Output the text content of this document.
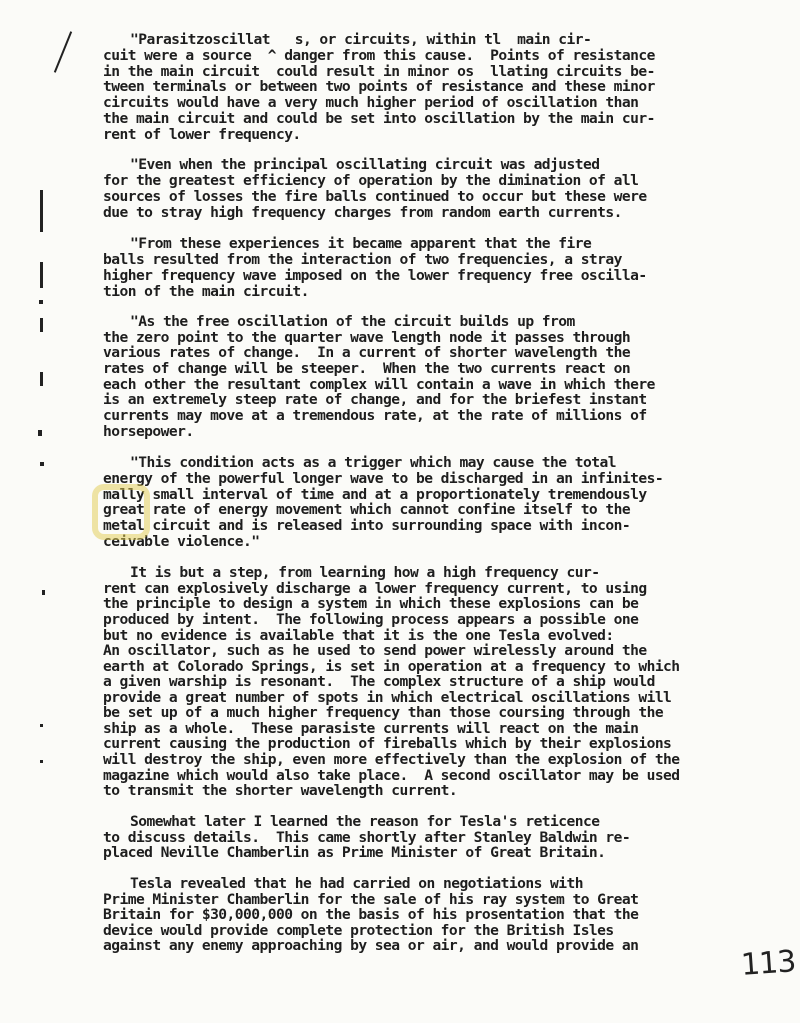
"Parasitzoscillat   s, or circuits, within tl  main cir-
cuit were a source  ^ danger from this cause.  Points of resistance
in the main circuit  could result in minor os  llating circuits be-
tween terminals or between two points of resistance and these minor
circuits would have a very much higher period of oscillation than
the main circuit and could be set into oscillation by the main cur-
rent of lower frequency.
"Even when the principal oscillating circuit was adjusted
for the greatest efficiency of operation by the dimination of all
sources of losses the fire balls continued to occur but these were
due to stray high frequency charges from random earth currents.
"From these experiences it became apparent that the fire
balls resulted from the interaction of two frequencies, a stray
higher frequency wave imposed on the lower frequency free oscilla-
tion of the main circuit.
"As the free oscillation of the circuit builds up from
the zero point to the quarter wave length node it passes through
various rates of change.  In a current of shorter wavelength the
rates of change will be steeper.  When the two currents react on
each other the resultant complex will contain a wave in which there
is an extremely steep rate of change, and for the briefest instant
currents may move at a tremendous rate, at the rate of millions of
horsepower.
"This condition acts as a trigger which may cause the total
energy of the powerful longer wave to be discharged in an infinites-
mally small interval of time and at a proportionately tremendously
great rate of energy movement which cannot confine itself to the
metal circuit and is released into surrounding space with incon-
ceivable violence."
It is but a step, from learning how a high frequency cur-
rent can explosively discharge a lower frequency current, to using
the principle to design a system in which these explosions can be
produced by intent.  The following process appears a possible one
but no evidence is available that it is the one Tesla evolved:
An oscillator, such as he used to send power wirelessly around the
earth at Colorado Springs, is set in operation at a frequency to which
a given warship is resonant.  The complex structure of a ship would
provide a great number of spots in which electrical oscillations will
be set up of a much higher frequency than those coursing through the
ship as a whole.  These parasiste currents will react on the main
current causing the production of fireballs which by their explosions
will destroy the ship, even more effectively than the explosion of the
magazine which would also take place.  A second oscillator may be used
to transmit the shorter wavelength current.
Somewhat later I learned the reason for Tesla's reticence
to discuss details.  This came shortly after Stanley Baldwin re-
placed Neville Chamberlin as Prime Minister of Great Britain.
Tesla revealed that he had carried on negotiations with
Prime Minister Chamberlin for the sale of his ray system to Great
Britain for $30,000,000 on the basis of his prosentation that the
device would provide complete protection for the British Isles
against any enemy approaching by sea or air, and would provide an	113
